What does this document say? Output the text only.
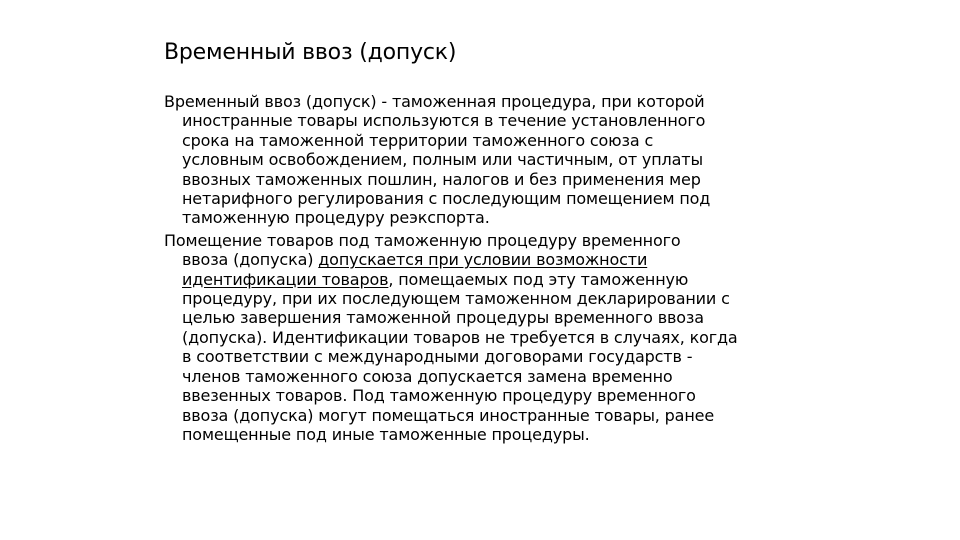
Временный ввоз (допуск)

Временный ввоз (допуск) - таможенная процедура, при которой
иностранные товары используются в течение установленного
срока на таможенной территории таможенного союза с
условным освобождением, полным или частичным, от уплаты
ввозных таможенных пошлин, налогов и без применения мер
нетарифного регулирования с последующим помещением под
таможенную процедуру реэкспорта.

Помещение товаров под таможенную процедуру временного
ввоза (допуска) допускается при условии возможности
идентификации товаров, помещаемых под эту таможенную
процедуру, при их последующем таможенном декларировании с
целью завершения таможенной процедуры временного ввоза
(допуска). Идентификации товаров не требуется в случаях, когда
в соответствии с международными договорами государств -
членов таможенного союза допускается замена временно
ввезенных товаров. Под таможенную процедуру временного
ввоза (допуска) могут помещаться иностранные товары, ранее
помещенные под иные таможенные процедуры.
